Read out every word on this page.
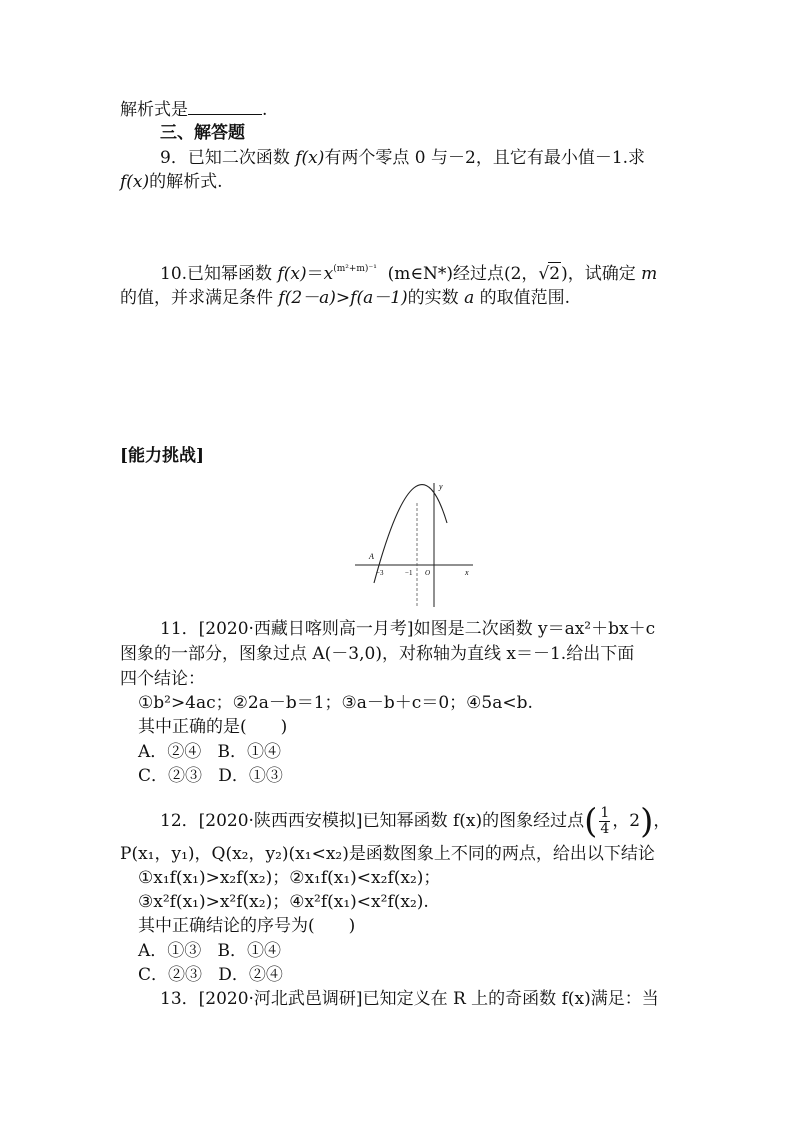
解析式是	.
三、解答题
9．已知二次函数 f(x)有两个零点 0 与－2，且它有最小值－1.求
f(x)的解析式.
10.已知幂函数 $f(x)=x^{(m^2+m)^{-1}}$ (m∈N*)经过点(2，√2)，试确定 m
的值，并求满足条件 f(2－a)>f(a－1)的实数 a 的取值范围.
[能力挑战]
y
x
A
−3	−1 O
11．[2020·西藏日喀则高一月考]如图是二次函数 y＝ax²＋bx＋c
图象的一部分，图象过点 A(－3,0)，对称轴为直线 x＝－1.给出下面
四个结论：
①b²>4ac；②2a－b＝1；③a－b＋c＝0；④5a<b.
其中正确的是(　　)
A．②④ B．①④
C．②③ D．①③
12．[2020·陕西西安模拟]已知幂函数 f(x)的图象经过点( $\frac{1}{4}$ ，2)，
P(x₁，y₁)，Q(x₂，y₂)(x₁<x₂)是函数图象上不同的两点，给出以下结论
①x₁f(x₁)>x₂f(x₂)；②x₁f(x₁)<x₂f(x₂)；
③x²f(x₁)>x²f(x₂)；④x²f(x₁)<x²f(x₂).
其中正确结论的序号为(　　)
A．①③ B．①④
C．②③ D．②④
13．[2020·河北武邑调研]已知定义在 R 上的奇函数 f(x)满足：当
